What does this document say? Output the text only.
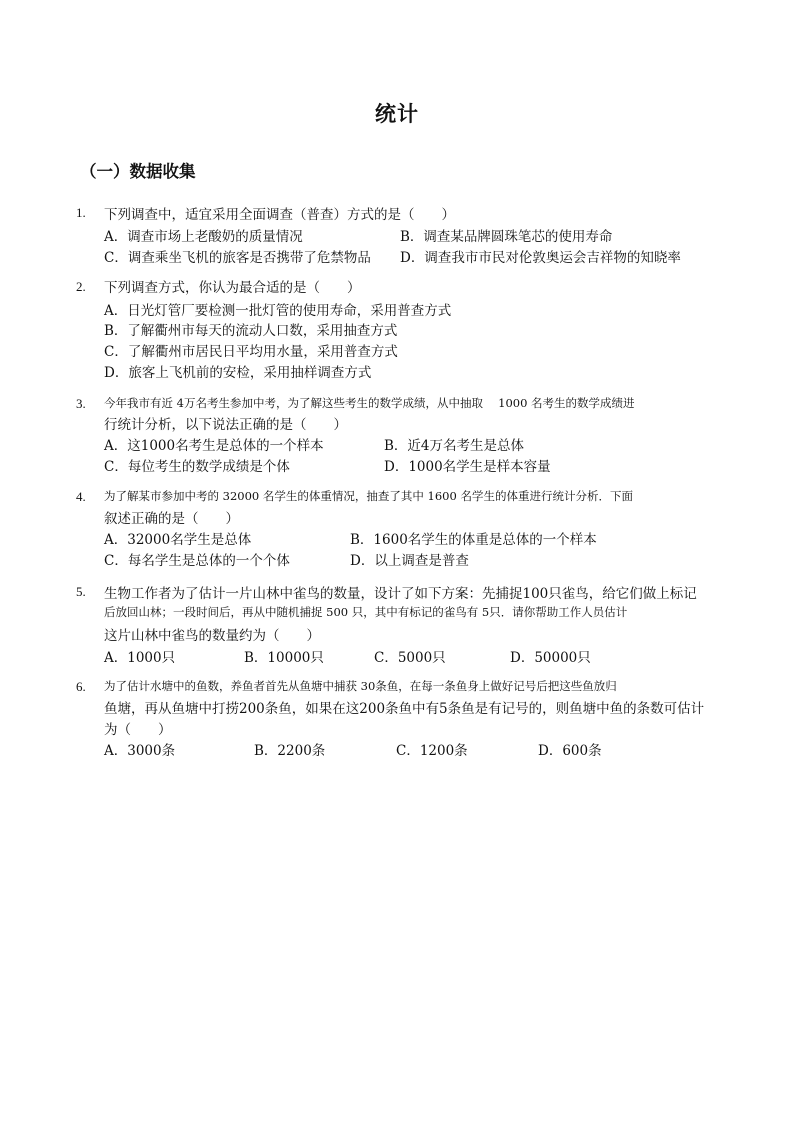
统计
（一）数据收集
1. 下列调查中，适宜采用全面调查（普查）方式的是（　　）
A．调查市场上老酸奶的质量情况	B．调查某品牌圆珠笔芯的使用寿命
C．调查乘坐飞机的旅客是否携带了危禁物品 D．调查我市市民对伦敦奥运会吉祥物的知晓率
2. 下列调查方式，你认为最合适的是（　　）
A．日光灯管厂要检测一批灯管的使用寿命，采用普查方式
B．了解衢州市每天的流动人口数，采用抽查方式
C．了解衢州市居民日平均用水量，采用普查方式
D．旅客上飞机前的安检，采用抽样调查方式
3. 今年我市有近 4万名考生参加中考，为了解这些考生的数学成绩，从中抽取　 1000 名考生的数学成绩进
行统计分析，以下说法正确的是（　　）
A．这1000名考生是总体的一个样本	B．近4万名考生是总体
C．每位考生的数学成绩是个体	D．1000名学生是样本容量
4. 为了解某市参加中考的 32000 名学生的体重情况，抽查了其中 1600 名学生的体重进行统计分析．下面
叙述正确的是（　　）
A．32000名学生是总体	B．1600名学生的体重是总体的一个样本
C．每名学生是总体的一个个体	D．以上调查是普查
5. 生物工作者为了估计一片山林中雀鸟的数量，设计了如下方案：先捕捉100只雀鸟，给它们做上标记
后放回山林；一段时间后，再从中随机捕捉 500 只，其中有标记的雀鸟有 5只．请你帮助工作人员估计
这片山林中雀鸟的数量约为（　　）
A．1000只	B．10000只	C．5000只	D．50000只
6. 为了估计水塘中的鱼数，养鱼者首先从鱼塘中捕获 30条鱼，在每一条鱼身上做好记号后把这些鱼放归
鱼塘，再从鱼塘中打捞200条鱼，如果在这200条鱼中有5条鱼是有记号的，则鱼塘中鱼的条数可估计
为（　　）
A．3000条	B．2200条	C．1200条	D．600条
